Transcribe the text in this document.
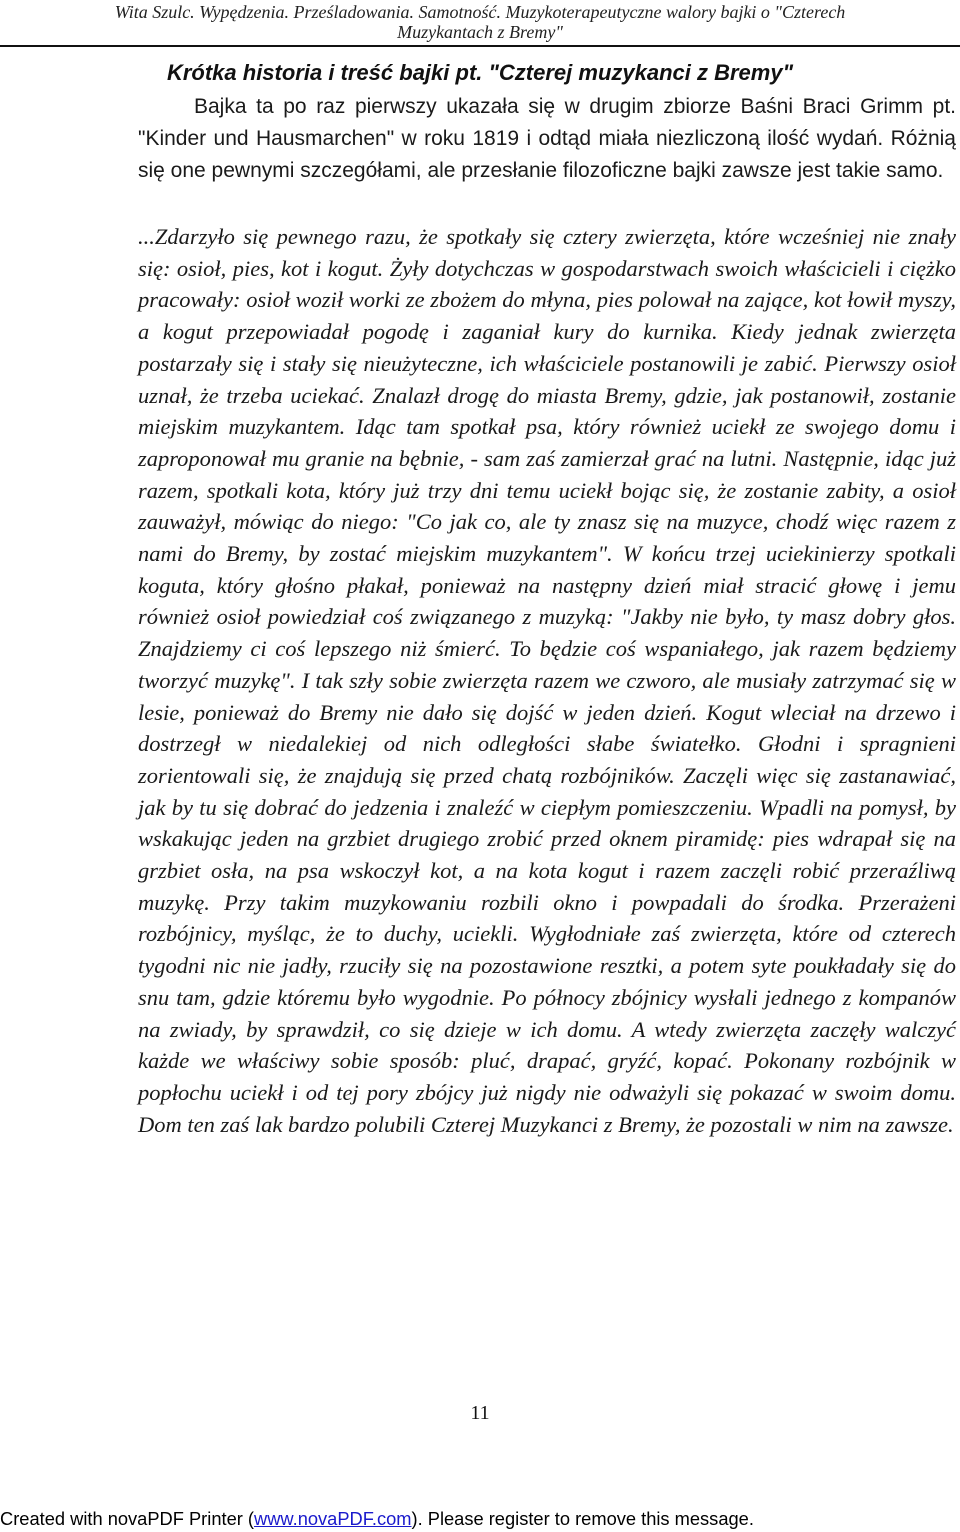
Wita Szulc. Wypędzenia. Prześladowania. Samotność. Muzykoterapeutyczne walory bajki o "Czterech
Muzykantach z Bremy"
Krótka historia i treść bajki pt. "Czterej muzykanci z Bremy"
Bajka ta po raz pierwszy ukazała się w drugim zbiorze Baśni Braci Grimm pt. "Kinder und Hausmarchen" w roku 1819 i odtąd miała niezliczoną ilość wydań. Różnią się one pewnymi szczegółami, ale przesłanie filozoficzne bajki zawsze jest takie samo.
...Zdarzyło się pewnego razu, że spotkały się cztery zwierzęta, które wcześniej nie znały się: osioł, pies, kot i kogut. Żyły dotychczas w gospodarstwach swoich właścicieli i ciężko pracowały: osioł woził worki ze zbożem do młyna, pies polował na zające, kot łowił myszy, a kogut przepowiadał pogodę i zaganiał kury do kurnika. Kiedy jednak zwierzęta postarzały się i stały się nieużyteczne, ich właściciele postanowili je zabić. Pierwszy osioł uznał, że trzeba uciekać. Znalazł drogę do miasta Bremy, gdzie, jak postanowił, zostanie miejskim muzykantem. Idąc tam spotkał psa, który również uciekł ze swojego domu i zaproponował mu granie na bębnie, - sam zaś zamierzał grać na lutni. Następnie, idąc już razem, spotkali kota, który już trzy dni temu uciekł bojąc się, że zostanie zabity, a osioł zauważył, mówiąc do niego: "Co jak co, ale ty znasz się na muzyce, chodź więc razem z nami do Bremy, by zostać miejskim muzykantem". W końcu trzej uciekinierzy spotkali koguta, który głośno płakał, ponieważ na następny dzień miał stracić głowę i jemu również osioł powiedział coś związanego z muzyką: "Jakby nie było, ty masz dobry głos. Znajdziemy ci coś lepszego niż śmierć. To będzie coś wspaniałego, jak razem będziemy tworzyć muzykę". I tak szły sobie zwierzęta razem we czworo, ale musiały zatrzymać się w lesie, ponieważ do Bremy nie dało się dojść w jeden dzień. Kogut wleciał na drzewo i dostrzegł w niedalekiej od nich odległości słabe światełko. Głodni i spragnieni zorientowali się, że znajdują się przed chatą rozbójników. Zaczęli więc się zastanawiać, jak by tu się dobrać do jedzenia i znaleźć w ciepłym pomieszczeniu. Wpadli na pomysł, by wskakując jeden na grzbiet drugiego zrobić przed oknem piramidę: pies wdrapał się na grzbiet osła, na psa wskoczył kot, a na kota kogut i razem zaczęli robić przeraźliwą muzykę. Przy takim muzykowaniu rozbili okno i powpadali do środka. Przerażeni rozbójnicy, myśląc, że to duchy, uciekli. Wygłodniałe zaś zwierzęta, które od czterech tygodni nic nie jadły, rzuciły się na pozostawione resztki, a potem syte poukładały się do snu tam, gdzie któremu było wygodnie. Po północy zbójnicy wysłali jednego z kompanów na zwiady, by sprawdził, co się dzieje w ich domu. A wtedy zwierzęta zaczęły walczyć każde we właściwy sobie sposób: pluć, drapać, gryźć, kopać. Pokonany rozbójnik w popłochu uciekł i od tej pory zbójcy już nigdy nie odważyli się pokazać w swoim domu. Dom ten zaś lak bardzo polubili Czterej Muzykanci z Bremy, że pozostali w nim na zawsze.
11
Created with novaPDF Printer (www.novaPDF.com). Please register to remove this message.
